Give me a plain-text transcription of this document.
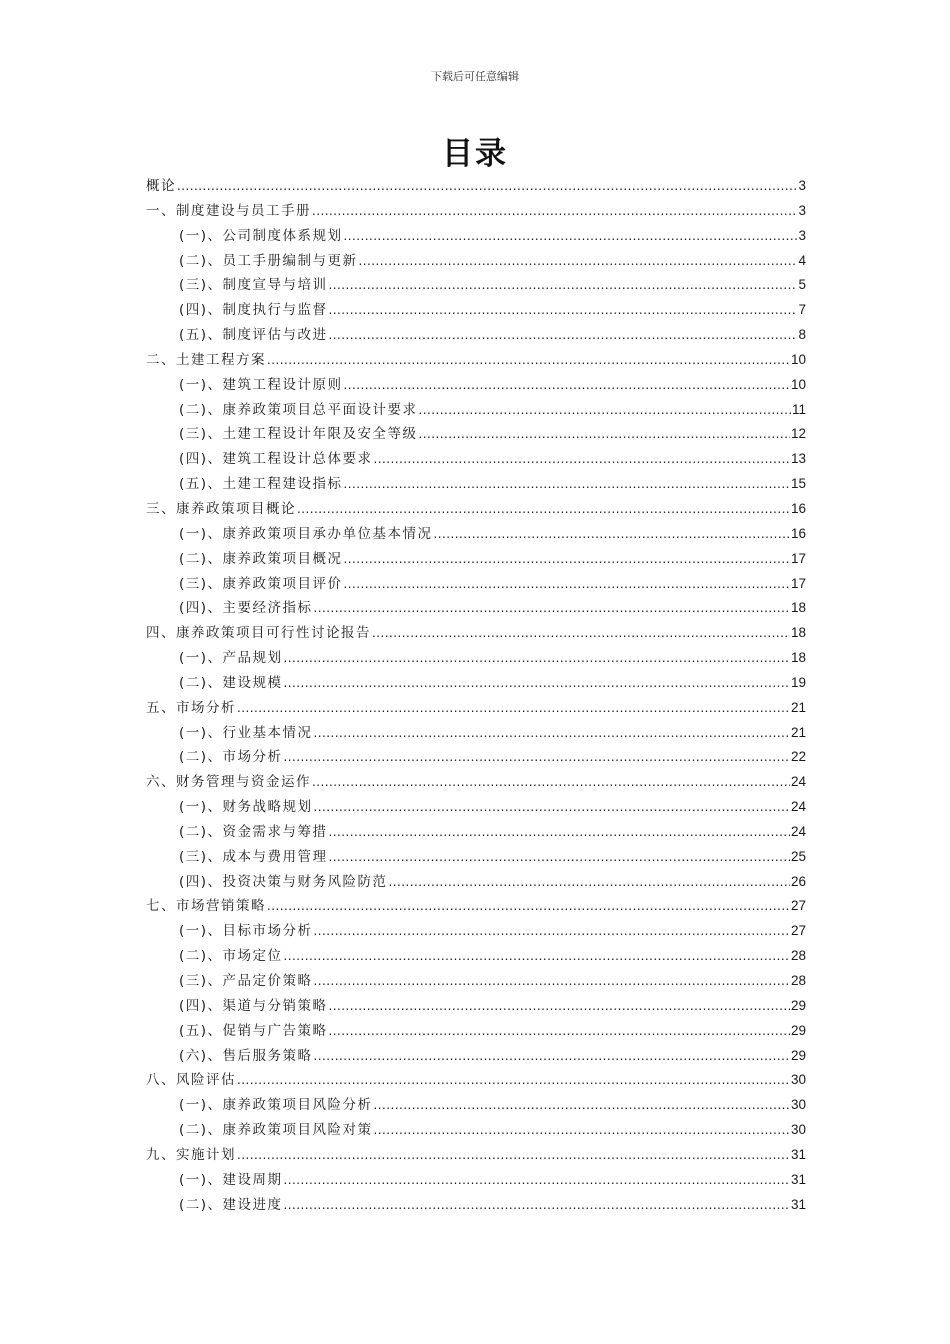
下载后可任意编辑
目录
概论 .....	3
一、制度建设与员工手册 .....	3
(一)、公司制度体系规划 .....	3
(二)、员工手册编制与更新 .....	4
(三)、制度宣导与培训 .....	5
(四)、制度执行与监督 .....	7
(五)、制度评估与改进 .....	8
二、土建工程方案 .....	10
(一)、建筑工程设计原则 .....	10
(二)、康养政策项目总平面设计要求 .....	11
(三)、土建工程设计年限及安全等级 .....	12
(四)、建筑工程设计总体要求 .....	13
(五)、土建工程建设指标 .....	15
三、康养政策项目概论 .....	16
(一)、康养政策项目承办单位基本情况 .....	16
(二)、康养政策项目概况 .....	17
(三)、康养政策项目评价 .....	17
(四)、主要经济指标 .....	18
四、康养政策项目可行性讨论报告 .....	18
(一)、产品规划 .....	18
(二)、建设规模 .....	19
五、市场分析 .....	21
(一)、行业基本情况 .....	21
(二)、市场分析 .....	22
六、财务管理与资金运作 .....	24
(一)、财务战略规划 .....	24
(二)、资金需求与筹措 .....	24
(三)、成本与费用管理 .....	25
(四)、投资决策与财务风险防范 .....	26
七、市场营销策略 .....	27
(一)、目标市场分析 .....	27
(二)、市场定位 .....	28
(三)、产品定价策略 .....	28
(四)、渠道与分销策略 .....	29
(五)、促销与广告策略 .....	29
(六)、售后服务策略 .....	29
八、风险评估 .....	30
(一)、康养政策项目风险分析 .....	30
(二)、康养政策项目风险对策 .....	30
九、实施计划 .....	31
(一)、建设周期 .....	31
(二)、建设进度 .....	31
